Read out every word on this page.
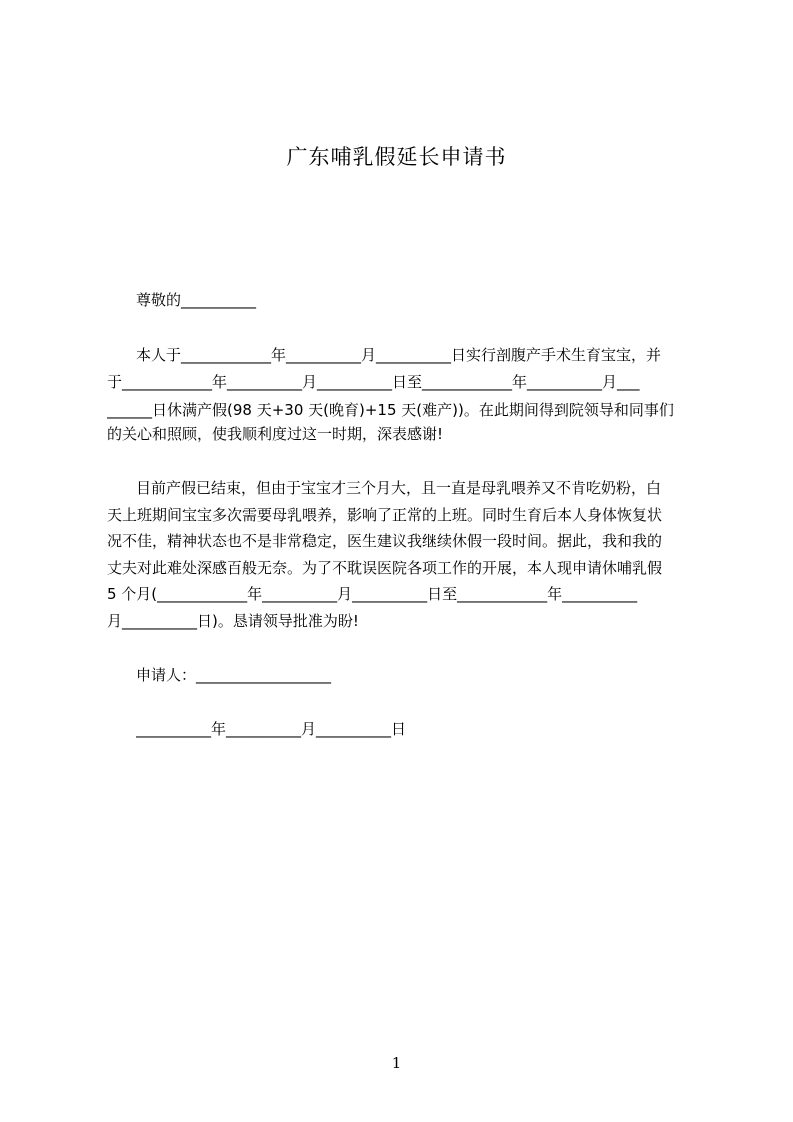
广东哺乳假延长申请书
尊敬的__________
本人于____________年__________月__________日实行剖腹产手术生育宝宝，并
于____________年__________月__________日至____________年__________月___
______日休满产假(98 天+30 天(晚育)+15 天(难产))。在此期间得到院领导和同事们
的关心和照顾，使我顺利度过这一时期，深表感谢!
目前产假已结束，但由于宝宝才三个月大，且一直是母乳喂养又不肯吃奶粉，白
天上班期间宝宝多次需要母乳喂养，影响了正常的上班。同时生育后本人身体恢复状
况不佳，精神状态也不是非常稳定，医生建议我继续休假一段时间。据此，我和我的
丈夫对此难处深感百般无奈。为了不耽误医院各项工作的开展，本人现申请休哺乳假
5 个月(____________年__________月__________日至____________年__________
月__________日)。恳请领导批准为盼!
申请人：__________________
__________年__________月__________日
1
